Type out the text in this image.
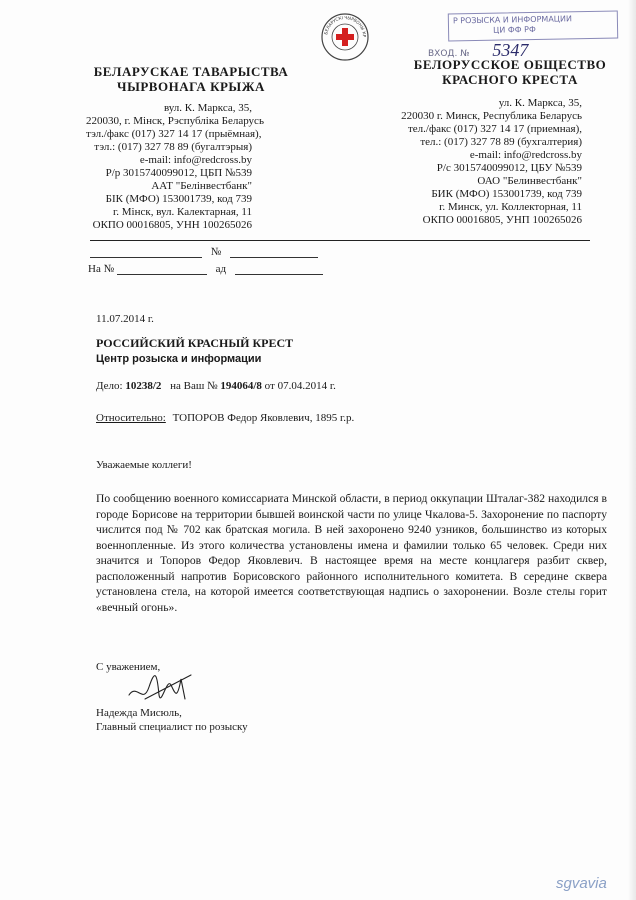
БЕЛАРУСКІ ЧЫРВОНЫ КР
Р РОЗЫСКА И ИНФОРМАЦИИ
ЦИ ФФ РФ
ВХОД. № 5347
БЕЛАРУСКАЕ ТАВАРЫСТВА
ЧЫРВОНАГА КРЫЖА
вул. К. Маркса, 35,
220030, г. Мінск, Рэспубліка Беларусь
тэл./факс (017) 327 14 17 (прыёмная),
тэл.: (017) 327 78 89 (бугалтэрыя)
e-mail: info@redcross.by
Р/р 3015740099012, ЦБП №539
ААТ "Белінвестбанк"
БІК (МФО) 153001739, код 739
г. Мінск, вул. Калектарная, 11
ОКПО 00016805, УНН 100265026
БЕЛОРУССКОЕ ОБЩЕСТВО
КРАСНОГО КРЕСТА
ул. К. Маркса, 35,
220030 г. Минск, Республика Беларусь
тел./факс (017) 327 14 17 (приемная),
тел.: (017) 327 78 89 (бухгалтерия)
e-mail: info@redcross.by
Р/с 3015740099012, ЦБУ №539
ОАО "Белинвестбанк"
БИК (МФО) 153001739, код 739
г. Минск, ул. Коллекторная, 11
ОКПО 00016805, УНП 100265026
№
На №	ад
11.07.2014 г.
РОССИЙСКИЙ КРАСНЫЙ КРЕСТ
Центр розыска и информации
Дело: 10238/2 на Ваш № 194064/8 от 07.04.2014 г.
Относительно: ТОПОРОВ Федор Яковлевич, 1895 г.р.
Уважаемые коллеги!
По сообщению военного комиссариата Минской области, в период оккупации Шталаг-382 находился в городе Борисове на территории бывшей воинской части по улице Чкалова-5. Захоронение по паспорту числится под № 702 как братская могила. В ней захоронено 9240 узников, большинство из которых военнопленные. Из этого количества установлены имена и фамилии только 65 человек. Среди них значится и Топоров Федор Яковлевич. В настоящее время на месте концлагеря разбит сквер, расположенный напротив Борисовского районного исполнительного комитета. В середине сквера установлена стела, на которой имеется соответствующая надпись о захоронении. Возле стелы горит «вечный огонь».
С уважением,
Надежда Мисюль,
Главный специалист по розыску
sgvavia
